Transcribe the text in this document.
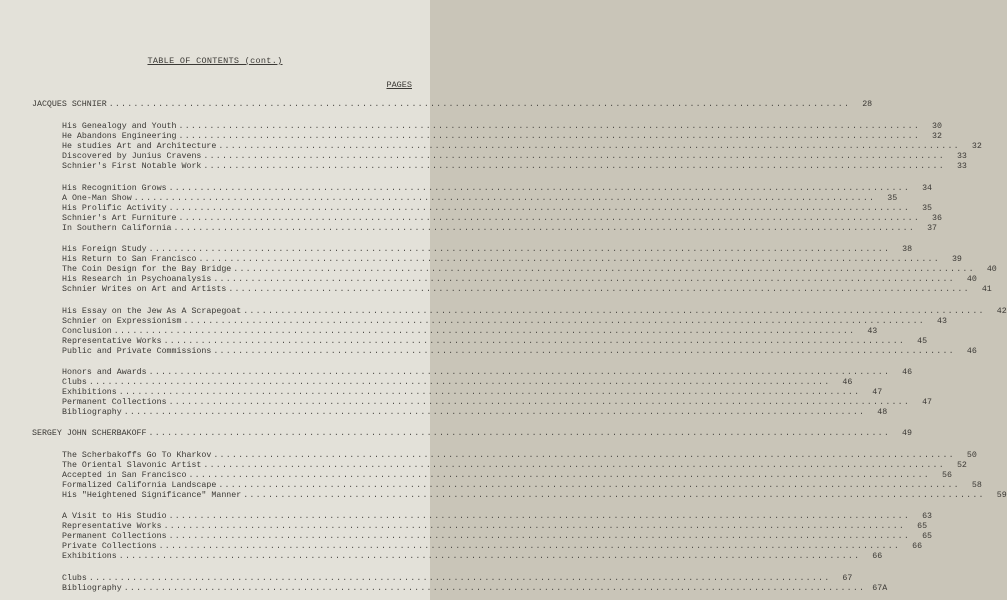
TABLE OF CONTENTS (cont.)
PAGES
JACQUES SCHNIER ........................................................................................................................	28
His Genealogy and Youth ........................................................................................................................	30
He Abandons Engineering ........................................................................................................................	32
He studies Art and Architecture ........................................................................................................................	32
Discovered by Junius Cravens ........................................................................................................................	33
Schnier's First Notable Work ........................................................................................................................	33
His Recognition Grows ........................................................................................................................	34
A One-Man Show ........................................................................................................................	35
His Prolific Activity ........................................................................................................................	35
Schnier's Art Furniture ........................................................................................................................	36
In Southern California ........................................................................................................................	37
His Foreign Study ........................................................................................................................	38
His Return to San Francisco ........................................................................................................................	39
The Coin Design for the Bay Bridge ........................................................................................................................	40
His Research in Psychoanalysis ........................................................................................................................	40
Schnier Writes on Art and Artists ........................................................................................................................	41
His Essay on the Jew As A Scrapegoat ........................................................................................................................	42
Schnier on Expressionism ........................................................................................................................	43
Conclusion ........................................................................................................................	43
Representative Works ........................................................................................................................	45
Public and Private Commissions ........................................................................................................................	46
Honors and Awards ........................................................................................................................	46
Clubs ........................................................................................................................	46
Exhibitions ........................................................................................................................	47
Permanent Collections ........................................................................................................................	47
Bibliography ........................................................................................................................	48
SERGEY JOHN SCHERBAKOFF ........................................................................................................................	49
The Scherbakoffs Go To Kharkov ........................................................................................................................	50
The Oriental Slavonic Artist ........................................................................................................................	52
Accepted in San Francisco ........................................................................................................................	56
Formalized California Landscape ........................................................................................................................	58
His "Heightened Significance" Manner ........................................................................................................................	59
A Visit to His Studio ........................................................................................................................	63
Representative Works ........................................................................................................................	65
Permanent Collections ........................................................................................................................	65
Private Collections ........................................................................................................................	66
Exhibitions ........................................................................................................................	66
Clubs ........................................................................................................................	67
Bibliography ........................................................................................................................ 67A
